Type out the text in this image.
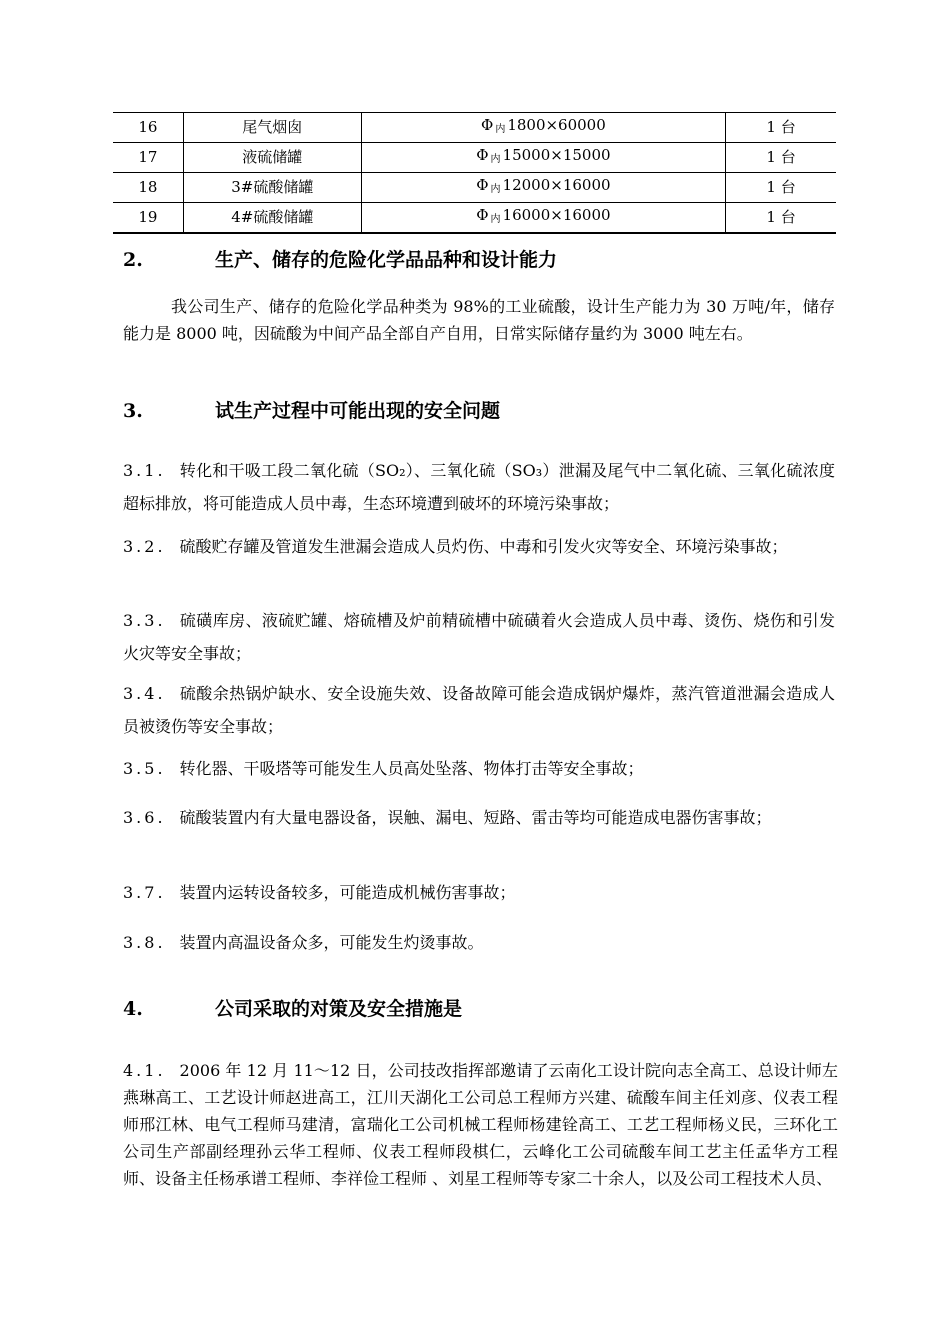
16	尾气烟囱	Φ $_内$ 1800×60000	1 台
17	液硫储罐	Φ $_内$ 15000×15000	1 台
18	3#硫酸储罐	Φ $_内$ 12000×16000	1 台
19	4#硫酸储罐	Φ $_内$ 16000×16000	1 台
2.	生产、储存的危险化学品品种和设计能力
我公司生产、储存的危险化学品种类为 98%的工业硫酸，设计生产能力为 30 万吨/年，储存能力是 8000 吨，因硫酸为中间产品全部自产自用，日常实际储存量约为 3000 吨左右。
3.	试生产过程中可能出现的安全问题
3.1. 转化和干吸工段二氧化硫（SO₂）、三氧化硫（SO₃）泄漏及尾气中二氧化硫、三氧化硫浓度超标排放，将可能造成人员中毒，生态环境遭到破坏的环境污染事故；
3.2. 硫酸贮存罐及管道发生泄漏会造成人员灼伤、中毒和引发火灾等安全、环境污染事故；
3.3. 硫磺库房、液硫贮罐、熔硫槽及炉前精硫槽中硫磺着火会造成人员中毒、烫伤、烧伤和引发火灾等安全事故；
3.4. 硫酸余热锅炉缺水、安全设施失效、设备故障可能会造成锅炉爆炸，蒸汽管道泄漏会造成人员被烫伤等安全事故；
3.5. 转化器、干吸塔等可能发生人员高处坠落、物体打击等安全事故；
3.6. 硫酸装置内有大量电器设备，误触、漏电、短路、雷击等均可能造成电器伤害事故；
3.7. 装置内运转设备较多，可能造成机械伤害事故；
3.8. 装置内高温设备众多，可能发生灼烫事故。
4.	公司采取的对策及安全措施是
4.1. 2006 年 12 月 11～12 日，公司技改指挥部邀请了云南化工设计院向志全高工、总设计师左燕琳高工、工艺设计师赵进高工，江川天湖化工公司总工程师方兴建、硫酸车间主任刘彦、仪表工程师邢江林、电气工程师马建清，富瑞化工公司机械工程师杨建铨高工、工艺工程师杨义民，三环化工公司生产部副经理孙云华工程师、仪表工程师段棋仁，云峰化工公司硫酸车间工艺主任孟华方工程师、设备主任杨承谱工程师、李祥俭工程师 、刘星工程师等专家二十余人，以及公司工程技术人员、
